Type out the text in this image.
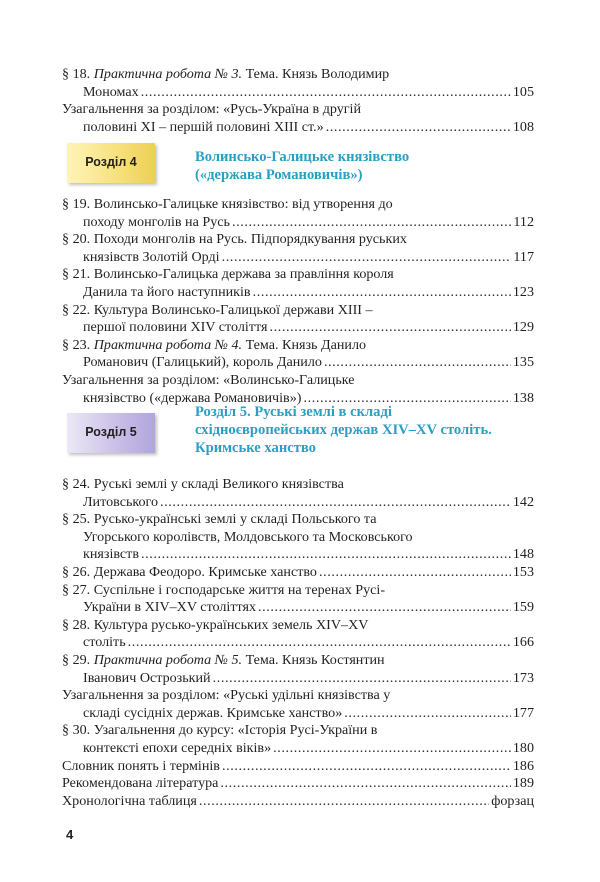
§ 18. Практична робота № 3. Тема. Князь Володимир
Мономах .....	105
Узагальнення за розділом: «Русь-Україна в другій
половині XI – першій половині XIII ст.» .....	108
Розділ 4	Волинсько-Галицьке князівство
(«держава Романовичів»)
§ 19. Волинсько-Галицьке князівство: від утворення до
походу монголів на Русь .....	112
§ 20. Походи монголів на Русь. Підпорядкування руських
князівств Золотій Орді .....	117
§ 21. Волинсько-Галицька держава за правління короля
Данила та його наступників .....	123
§ 22. Культура Волинсько-Галицької держави XIII –
першої половини XIV століття .....	129
§ 23. Практична робота № 4. Тема. Князь Данило
Романович (Галицький), король Данило .....	135
Узагальнення за розділом: «Волинсько-Галицьке
князівство («держава Романовичів») .....	138
Розділ 5
Розділ 5. Руські землі в складі
східноєвропейських держав XIV–XV століть.
Кримське ханство
§ 24. Руські землі у складі Великого князівства
Литовського .....	142
§ 25. Русько-українські землі у складі Польського та
Угорського королівств, Молдовського та Московського
князівств .....	148
§ 26. Держава Феодоро. Кримське ханство .....	153
§ 27. Суспільне і господарське життя на теренах Русі-
України в XIV–XV століттях .....	159
§ 28. Культура русько-українських земель XIV–XV
століть .....	166
§ 29. Практична робота № 5. Тема. Князь Костянтин
Іванович Острозький .....	173
Узагальнення за розділом: «Руські удільні князівства у
складі сусідніх держав. Кримське ханство» .....	177
§ 30. Узагальнення до курсу: «Історія Русі-України в
контексті епохи середніх віків» .....	180
Словник понять і термінів .....	186
Рекомендована література .....	189
Хронологічна таблиця .....	форзац
4
